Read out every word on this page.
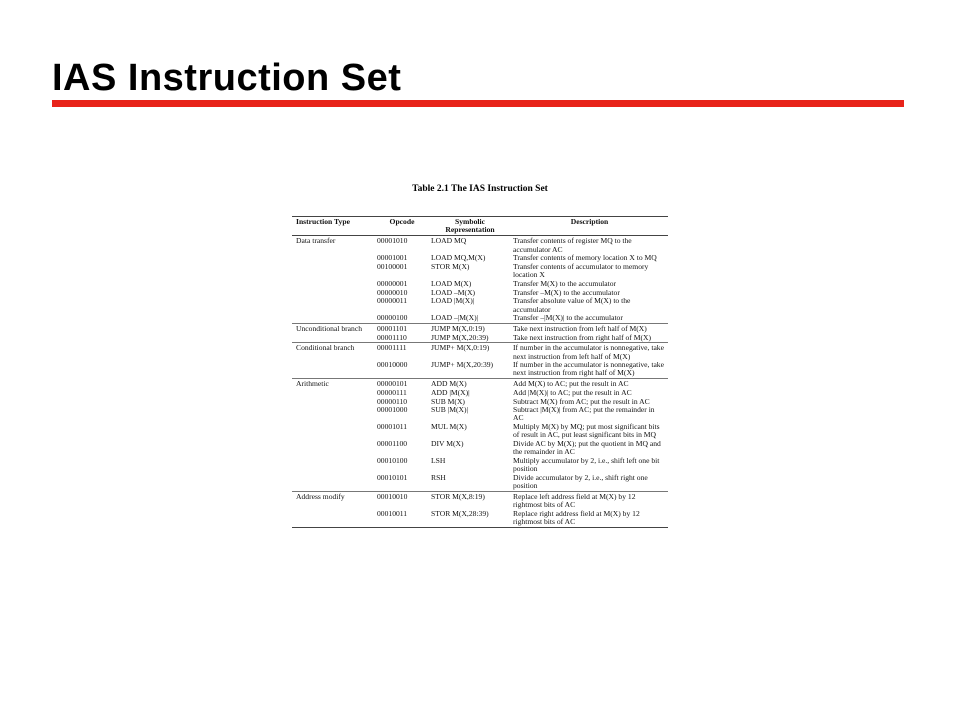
IAS Instruction Set
Table 2.1 The IAS Instruction Set
Instruction Type	Opcode	Symbolic Representation	Description
Data transfer	00001010	LOAD MQ	Transfer contents of register MQ to the accumulator AC
	00001001	LOAD MQ,M(X)	Transfer contents of memory location X to MQ
	00100001	STOR M(X)	Transfer contents of accumulator to memory location X
	00000001	LOAD M(X)	Transfer M(X) to the accumulator
	00000010	LOAD –M(X)	Transfer –M(X) to the accumulator
	00000011	LOAD |M(X)|	Transfer absolute value of M(X) to the accumulator
	00000100	LOAD –|M(X)|	Transfer –|M(X)| to the accumulator
Unconditional branch	00001101	JUMP M(X,0:19)	Take next instruction from left half of M(X)
	00001110	JUMP M(X,20:39)	Take next instruction from right half of M(X)
Conditional branch	00001111	JUMP+ M(X,0:19)	If number in the accumulator is nonnegative, take next instruction from left half of M(X)
	00010000	JUMP+ M(X,20:39)	If number in the accumulator is nonnegative, take next instruction from right half of M(X)
Arithmetic	00000101	ADD M(X)	Add M(X) to AC; put the result in AC
	00000111	ADD |M(X)|	Add |M(X)| to AC; put the result in AC
	00000110	SUB M(X)	Subtract M(X) from AC; put the result in AC
	00001000	SUB |M(X)|	Subtract |M(X)| from AC; put the remainder in AC
	00001011	MUL M(X)	Multiply M(X) by MQ; put most significant bits of result in AC, put least significant bits in MQ
	00001100	DIV M(X)	Divide AC by M(X); put the quotient in MQ and the remainder in AC
	00010100	LSH	Multiply accumulator by 2, i.e., shift left one bit position
	00010101	RSH	Divide accumulator by 2, i.e., shift right one position
Address modify	00010010	STOR M(X,8:19)	Replace left address field at M(X) by 12 rightmost bits of AC
	00010011	STOR M(X,28:39)	Replace right address field at M(X) by 12 rightmost bits of AC
